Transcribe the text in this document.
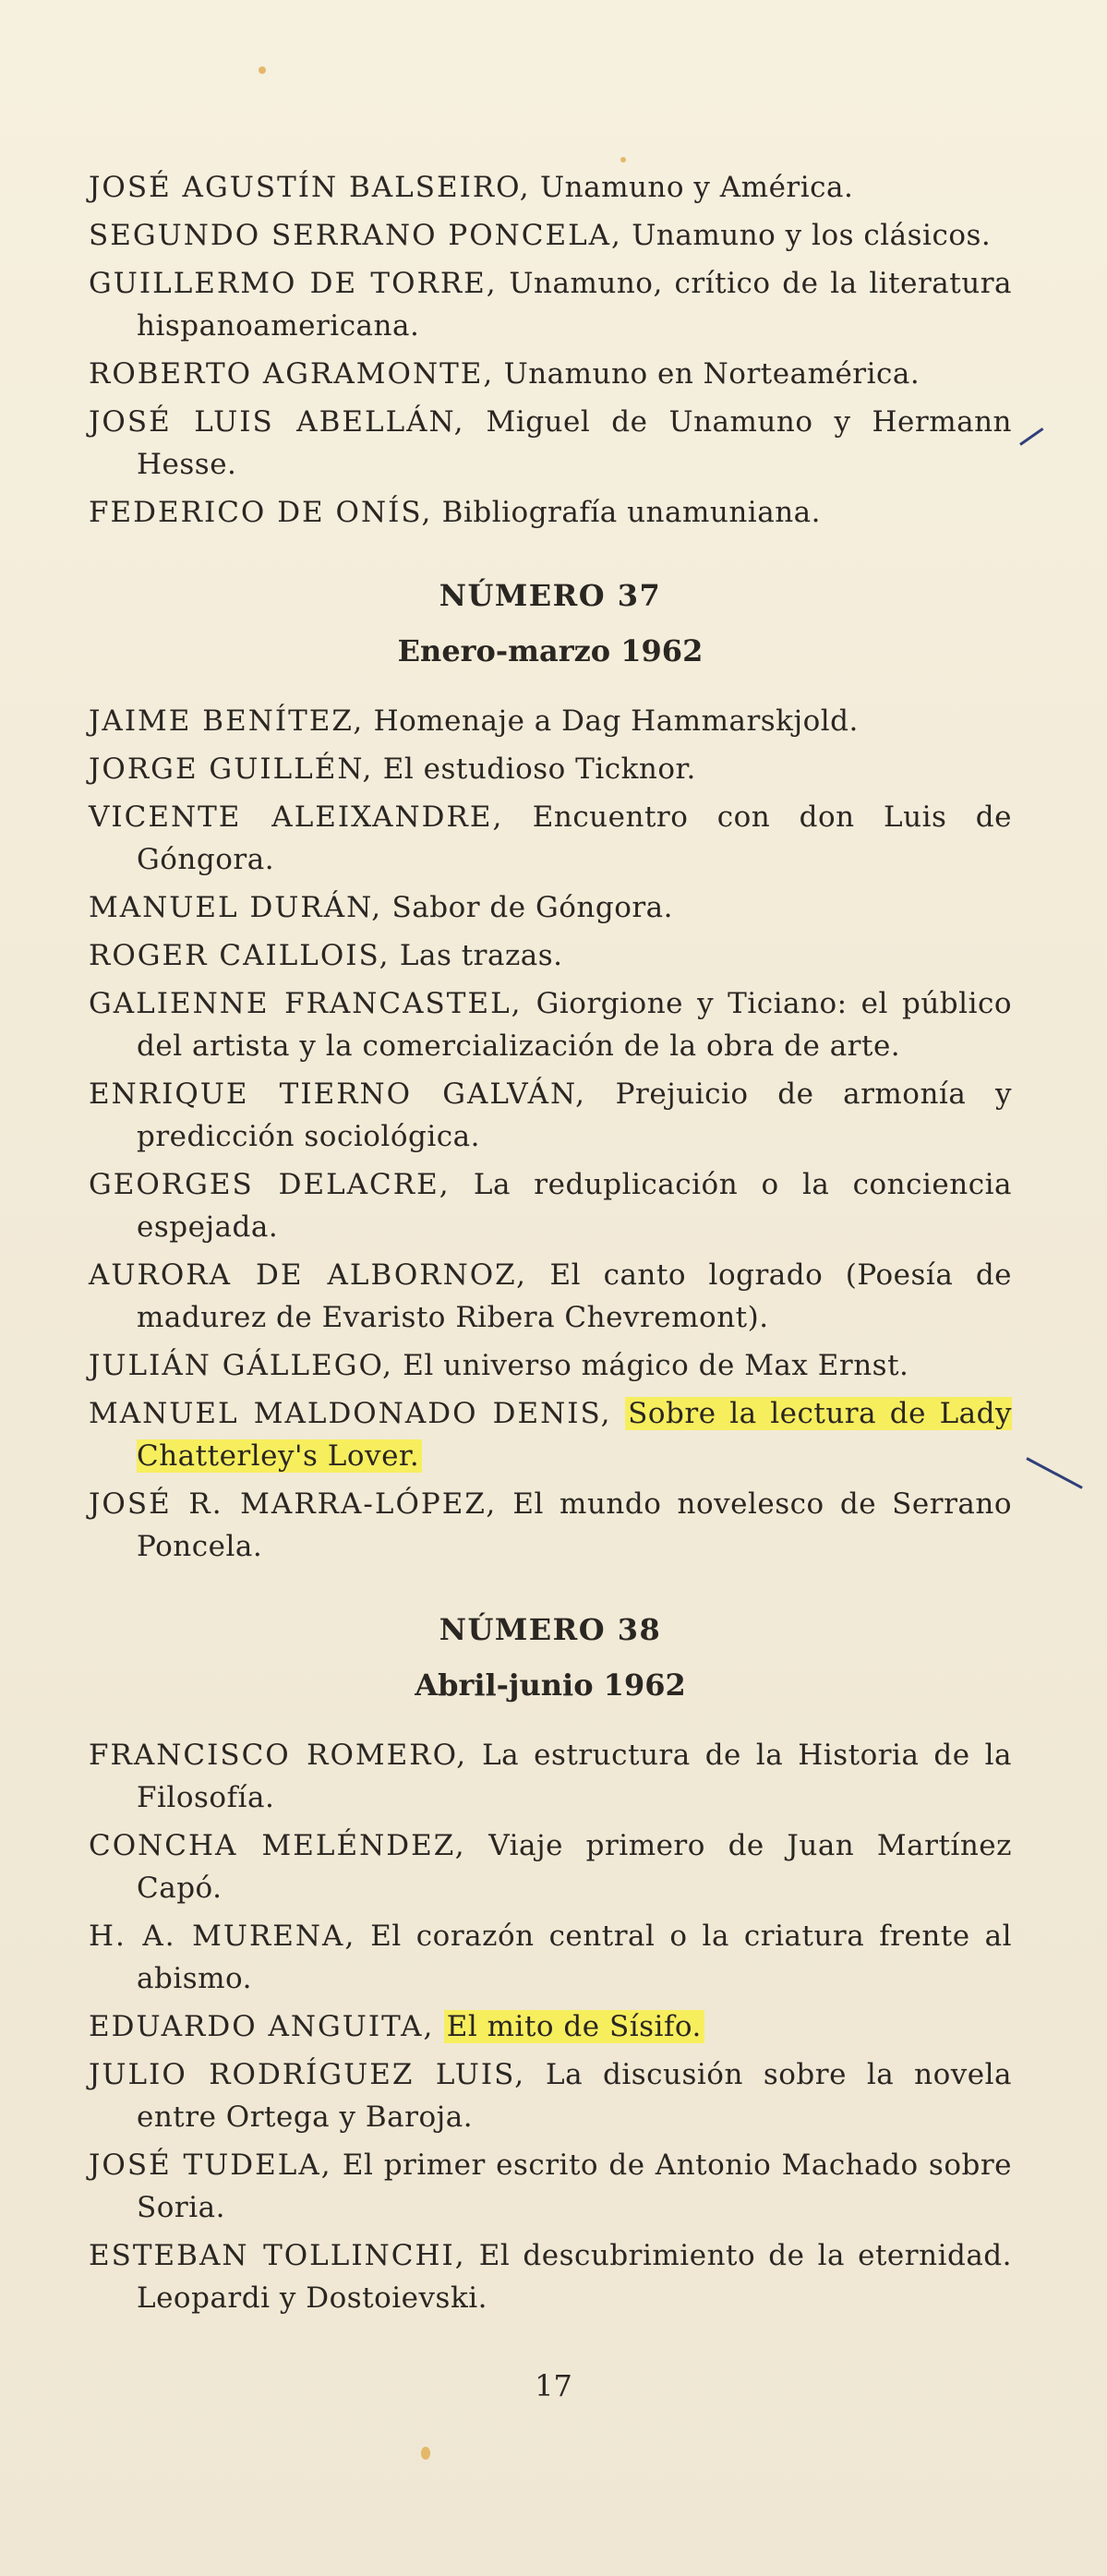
JOSÉ AGUSTÍN BALSEIRO, Unamuno y América.

SEGUNDO SERRANO PONCELA, Unamuno y los clásicos.

GUILLERMO DE TORRE, Unamuno, crítico de la literatura hispanoamericana.

ROBERTO AGRAMONTE, Unamuno en Norteamérica.

JOSÉ LUIS ABELLÁN, Miguel de Unamuno y Hermann Hesse.

FEDERICO DE ONÍS, Bibliografía unamuniana.

NÚMERO 37
Enero-marzo 1962

JAIME BENÍTEZ, Homenaje a Dag Hammarskjold.

JORGE GUILLÉN, El estudioso Ticknor.

VICENTE ALEIXANDRE, Encuentro con don Luis de Góngora.

MANUEL DURÁN, Sabor de Góngora.

ROGER CAILLOIS, Las trazas.

GALIENNE FRANCASTEL, Giorgione y Ticiano: el público del artista y la comercialización de la obra de arte.

ENRIQUE TIERNO GALVÁN, Prejuicio de armonía y predicción sociológica.

GEORGES DELACRE, La reduplicación o la conciencia espejada.

AURORA DE ALBORNOZ, El canto logrado (Poesía de madurez de Evaristo Ribera Chevremont).

JULIÁN GÁLLEGO, El universo mágico de Max Ernst.

MANUEL MALDONADO DENIS, Sobre la lectura de Lady Chatterley's Lover.

JOSÉ R. MARRA-LÓPEZ, El mundo novelesco de Serrano Poncela.

NÚMERO 38
Abril-junio 1962

FRANCISCO ROMERO, La estructura de la Historia de la Filosofía.

CONCHA MELÉNDEZ, Viaje primero de Juan Martínez Capó.

H. A. MURENA, El corazón central o la criatura frente al abismo.

EDUARDO ANGUITA, El mito de Sísifo.

JULIO RODRÍGUEZ LUIS, La discusión sobre la novela entre Ortega y Baroja.

JOSÉ TUDELA, El primer escrito de Antonio Machado sobre Soria.

ESTEBAN TOLLINCHI, El descubrimiento de la eternidad. Leopardi y Dostoievski.

17
